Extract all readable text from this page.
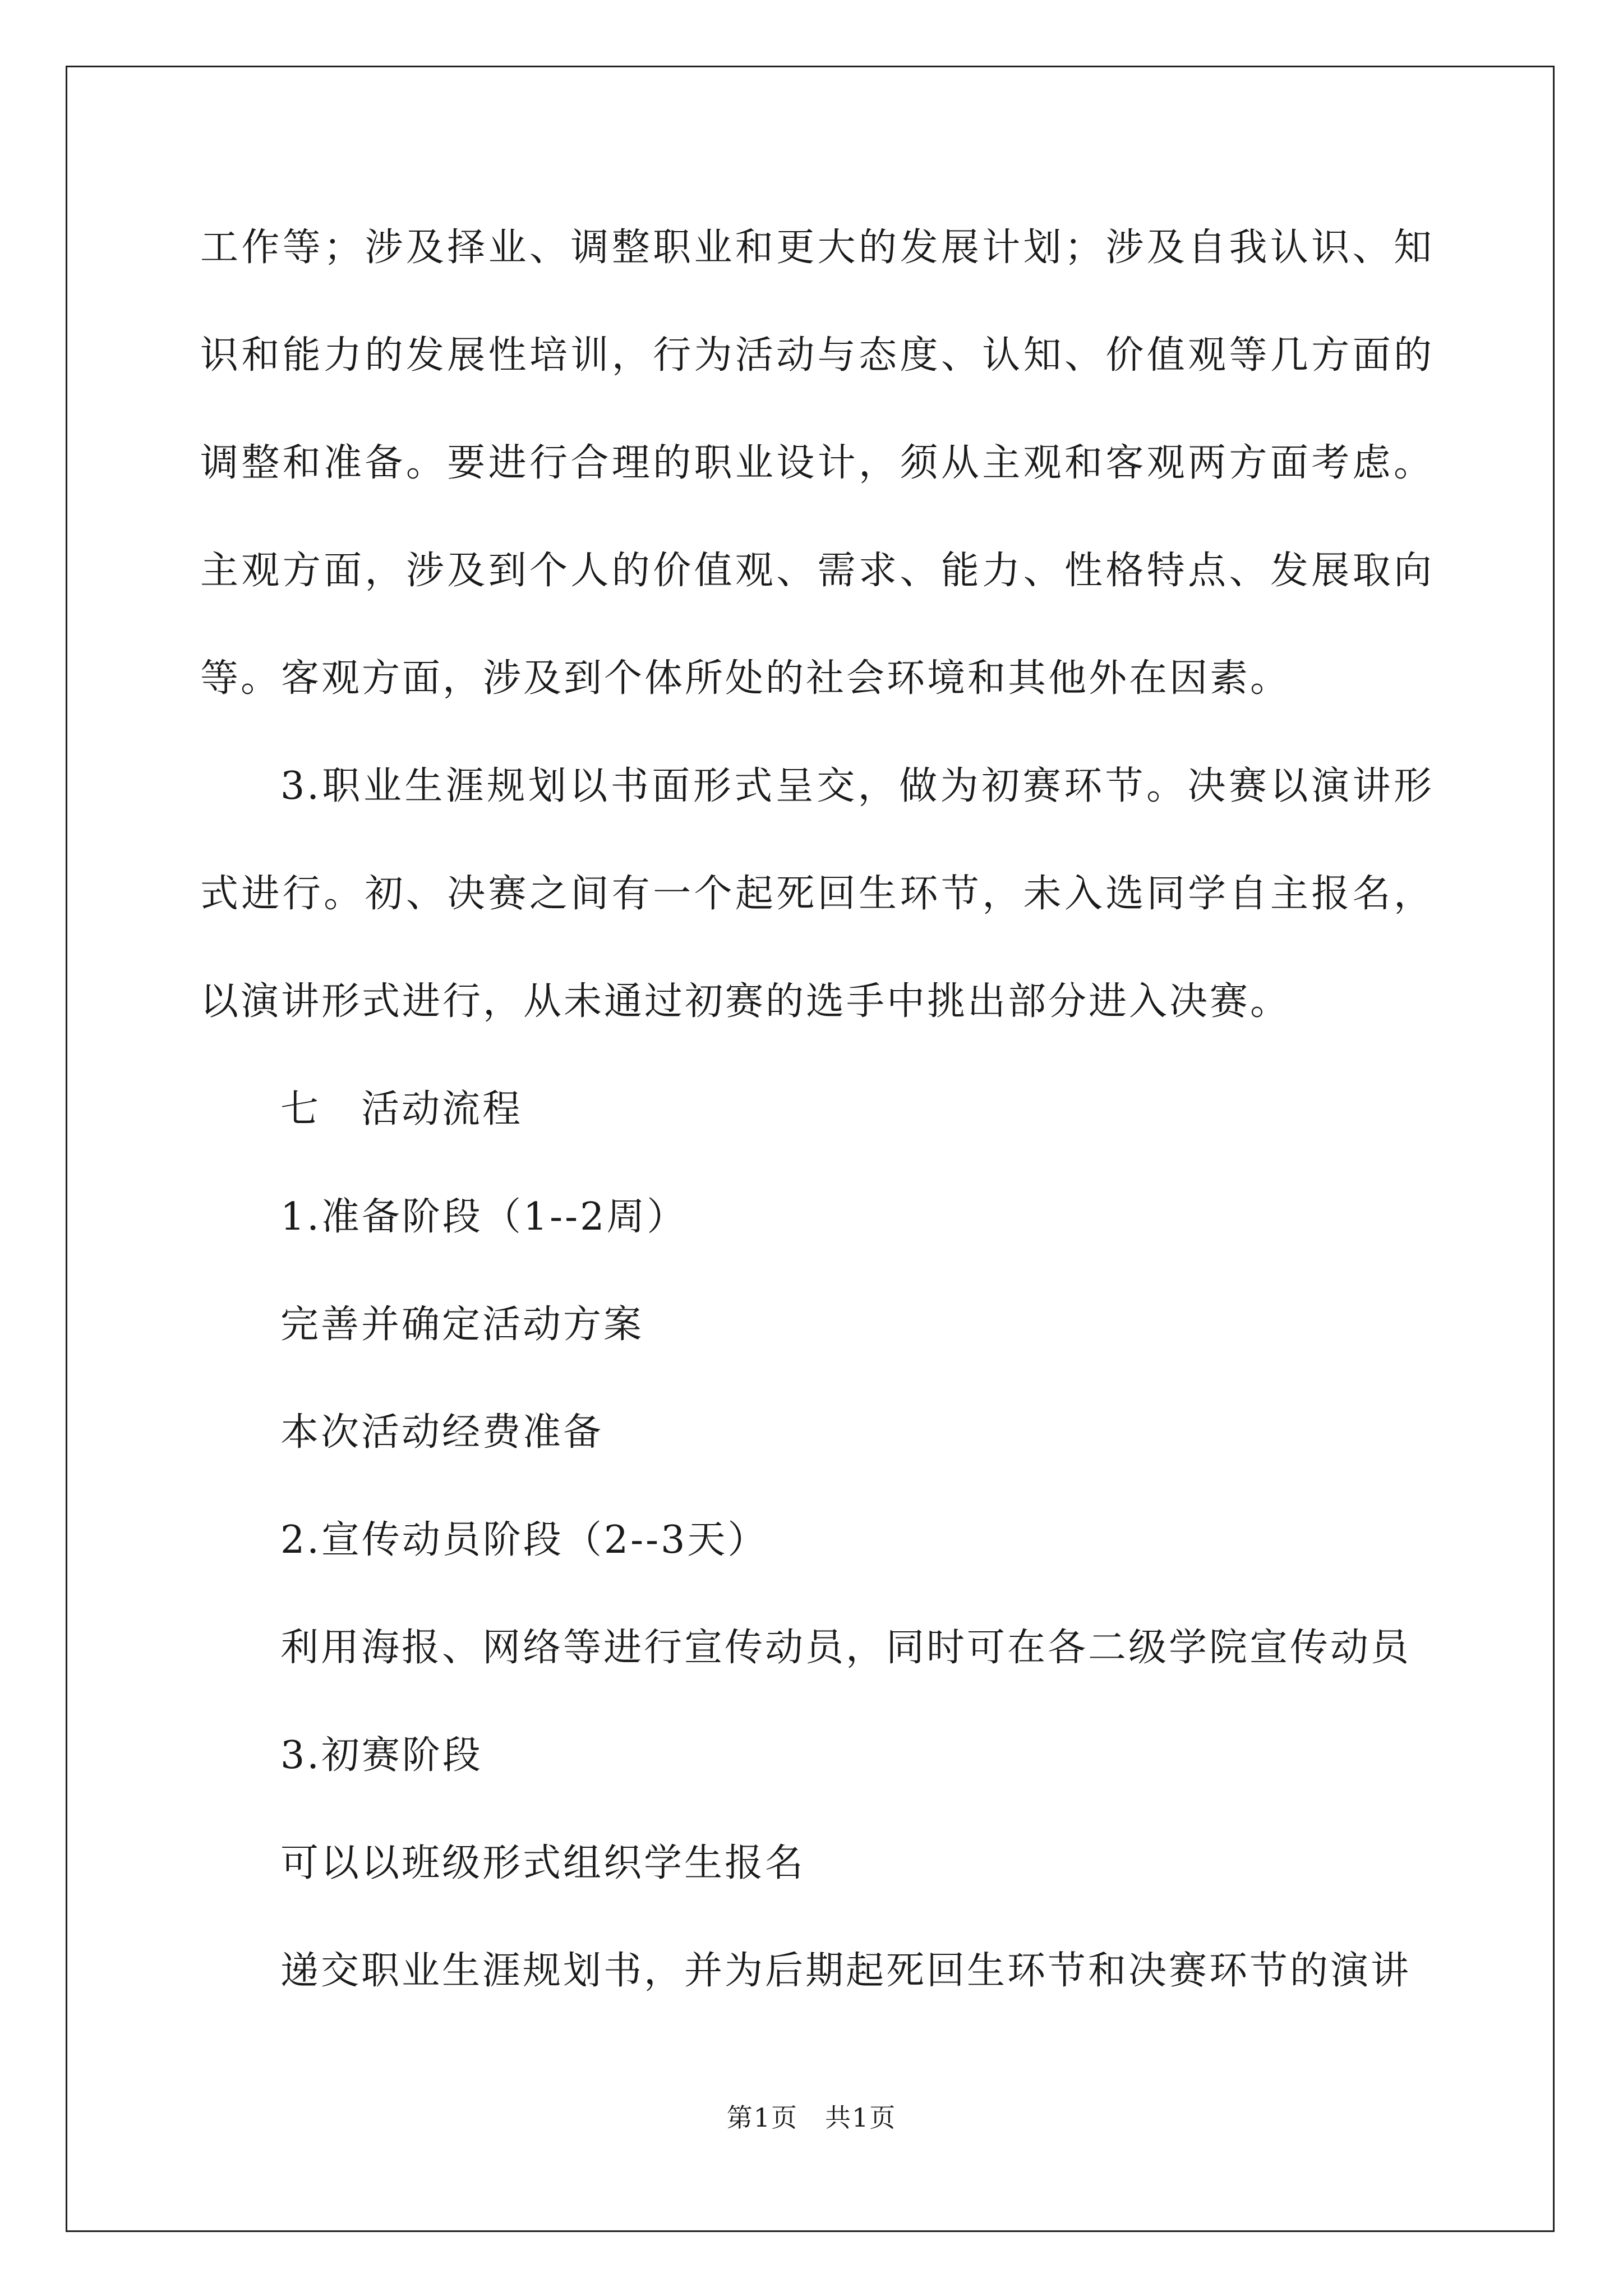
工作等；涉及择业、调整职业和更大的发展计划；涉及自我认识、知
识和能力的发展性培训，行为活动与态度、认知、价值观等几方面的
调整和准备。要进行合理的职业设计，须从主观和客观两方面考虑。
主观方面，涉及到个人的价值观、需求、能力、性格特点、发展取向
等。客观方面，涉及到个体所处的社会环境和其他外在因素。
3.职业生涯规划以书面形式呈交，做为初赛环节。决赛以演讲形
式进行。初、决赛之间有一个起死回生环节，未入选同学自主报名，
以演讲形式进行，从未通过初赛的选手中挑出部分进入决赛。
七　活动流程
1.准备阶段（1--2周）
完善并确定活动方案
本次活动经费准备
2.宣传动员阶段（2--3天）
利用海报、网络等进行宣传动员，同时可在各二级学院宣传动员
3.初赛阶段
可以以班级形式组织学生报名
递交职业生涯规划书，并为后期起死回生环节和决赛环节的演讲
第1页　共1页
